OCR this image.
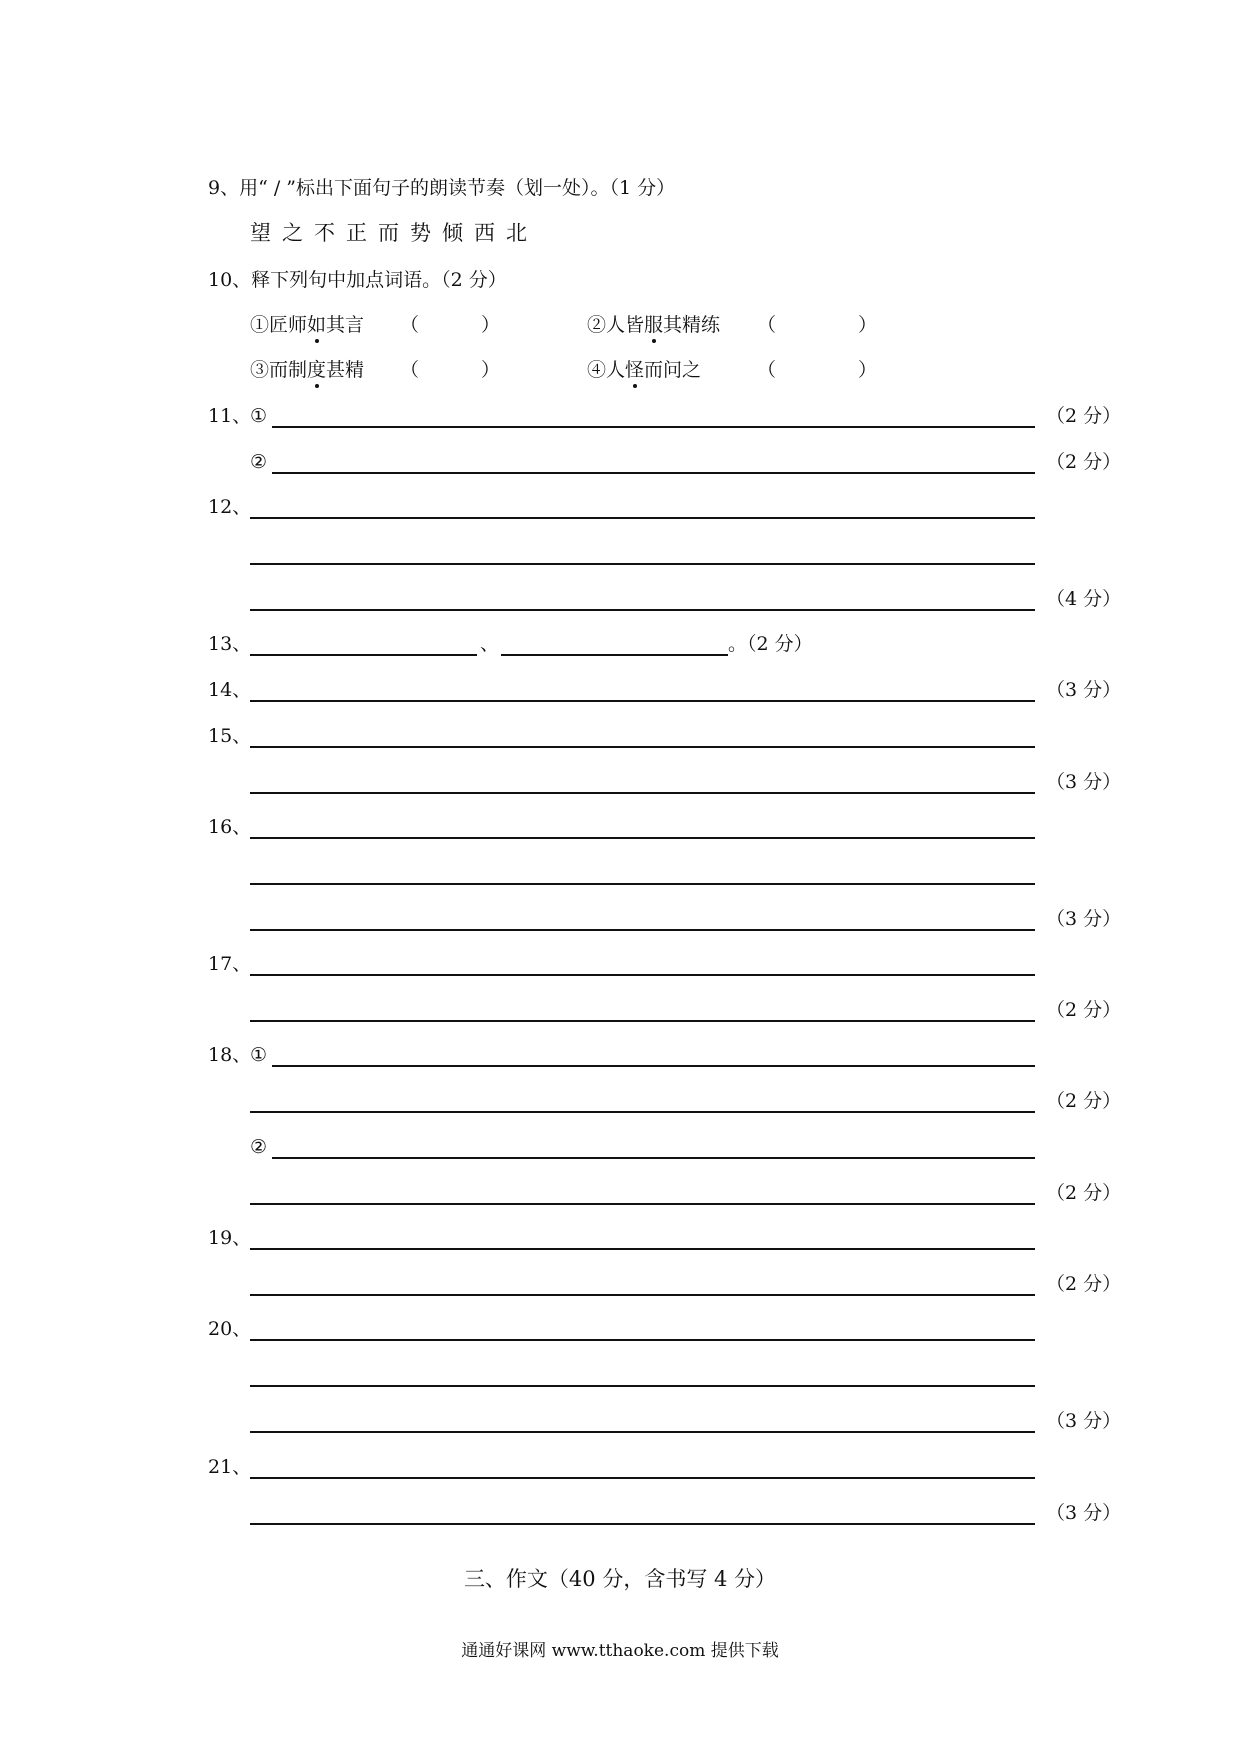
9、用“ / ”标出下面句子的朗读节奏（划一处）。（1 分）
望之不正而势倾西北
10、释下列句中加点词语。（2 分）
①匠师如其言 （	）	②人皆服其精练 （	）
③而制度甚精 （	）	④人怪而问之	（	）
11、
①	（2 分）
②	（2 分）
12、
（4 分）
13、	、	。（2 分）
14、	（3 分）
15、
（3 分）
16、
（3 分）
17、
（2 分）
18、
①
（2 分）
②
（2 分）
19、
（2 分）
20、
（3 分）
21、
（3 分）
三、作文（40 分，含书写 4 分）
通通好课网 www.tthaoke.com 提供下载
